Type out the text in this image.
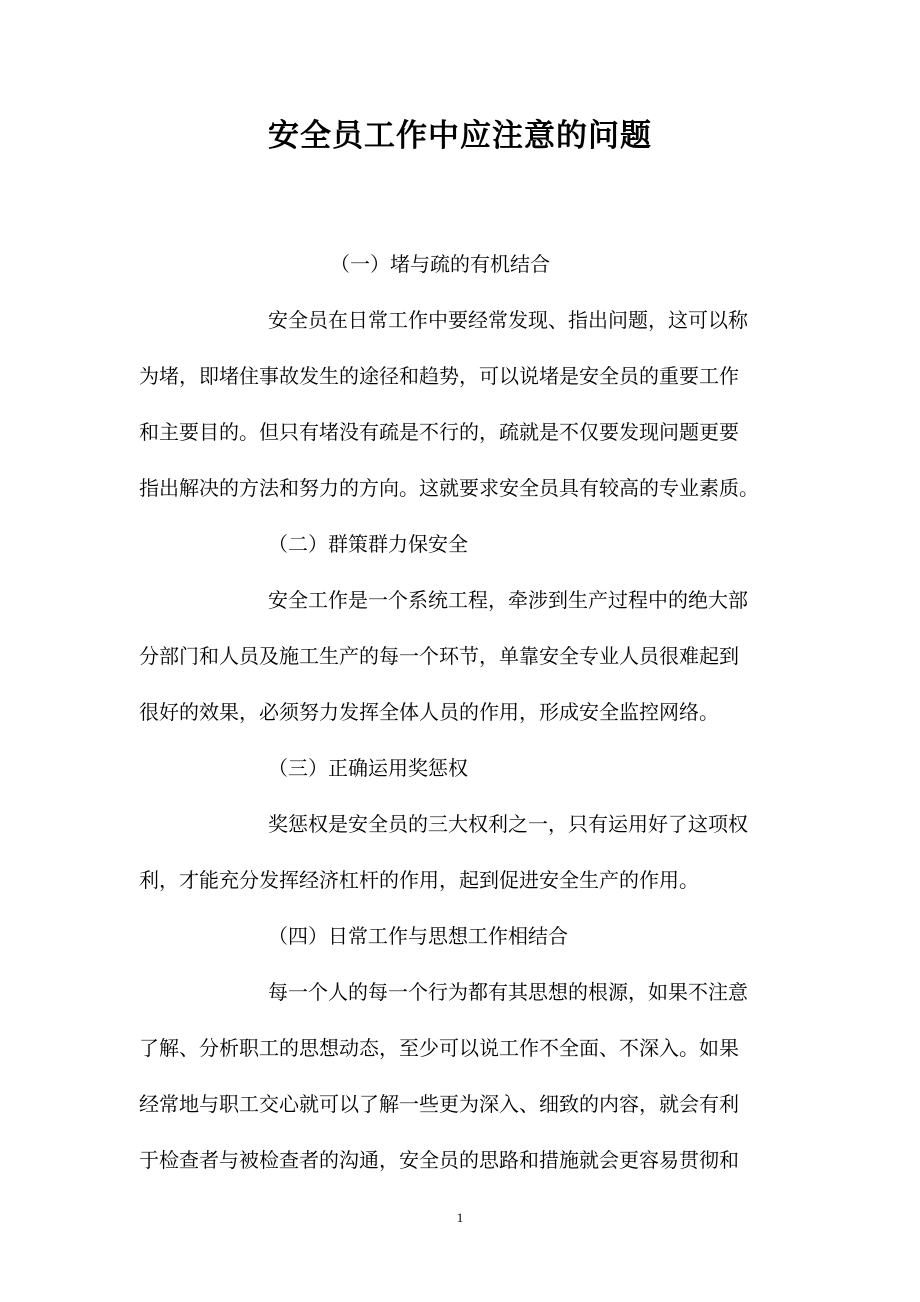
安全员工作中应注意的问题
（一）堵与疏的有机结合
安全员在日常工作中要经常发现、指出问题，这可以称
为堵，即堵住事故发生的途径和趋势，可以说堵是安全员的重要工作
和主要目的。但只有堵没有疏是不行的，疏就是不仅要发现问题更要
指出解决的方法和努力的方向。这就要求安全员具有较高的专业素质。
（二）群策群力保安全
安全工作是一个系统工程，牵涉到生产过程中的绝大部
分部门和人员及施工生产的每一个环节，单靠安全专业人员很难起到
很好的效果，必须努力发挥全体人员的作用，形成安全监控网络。
（三）正确运用奖惩权
奖惩权是安全员的三大权利之一，只有运用好了这项权
利，才能充分发挥经济杠杆的作用，起到促进安全生产的作用。
（四）日常工作与思想工作相结合
每一个人的每一个行为都有其思想的根源，如果不注意
了解、分析职工的思想动态，至少可以说工作不全面、不深入。如果
经常地与职工交心就可以了解一些更为深入、细致的内容，就会有利
于检查者与被检查者的沟通，安全员的思路和措施就会更容易贯彻和
1
